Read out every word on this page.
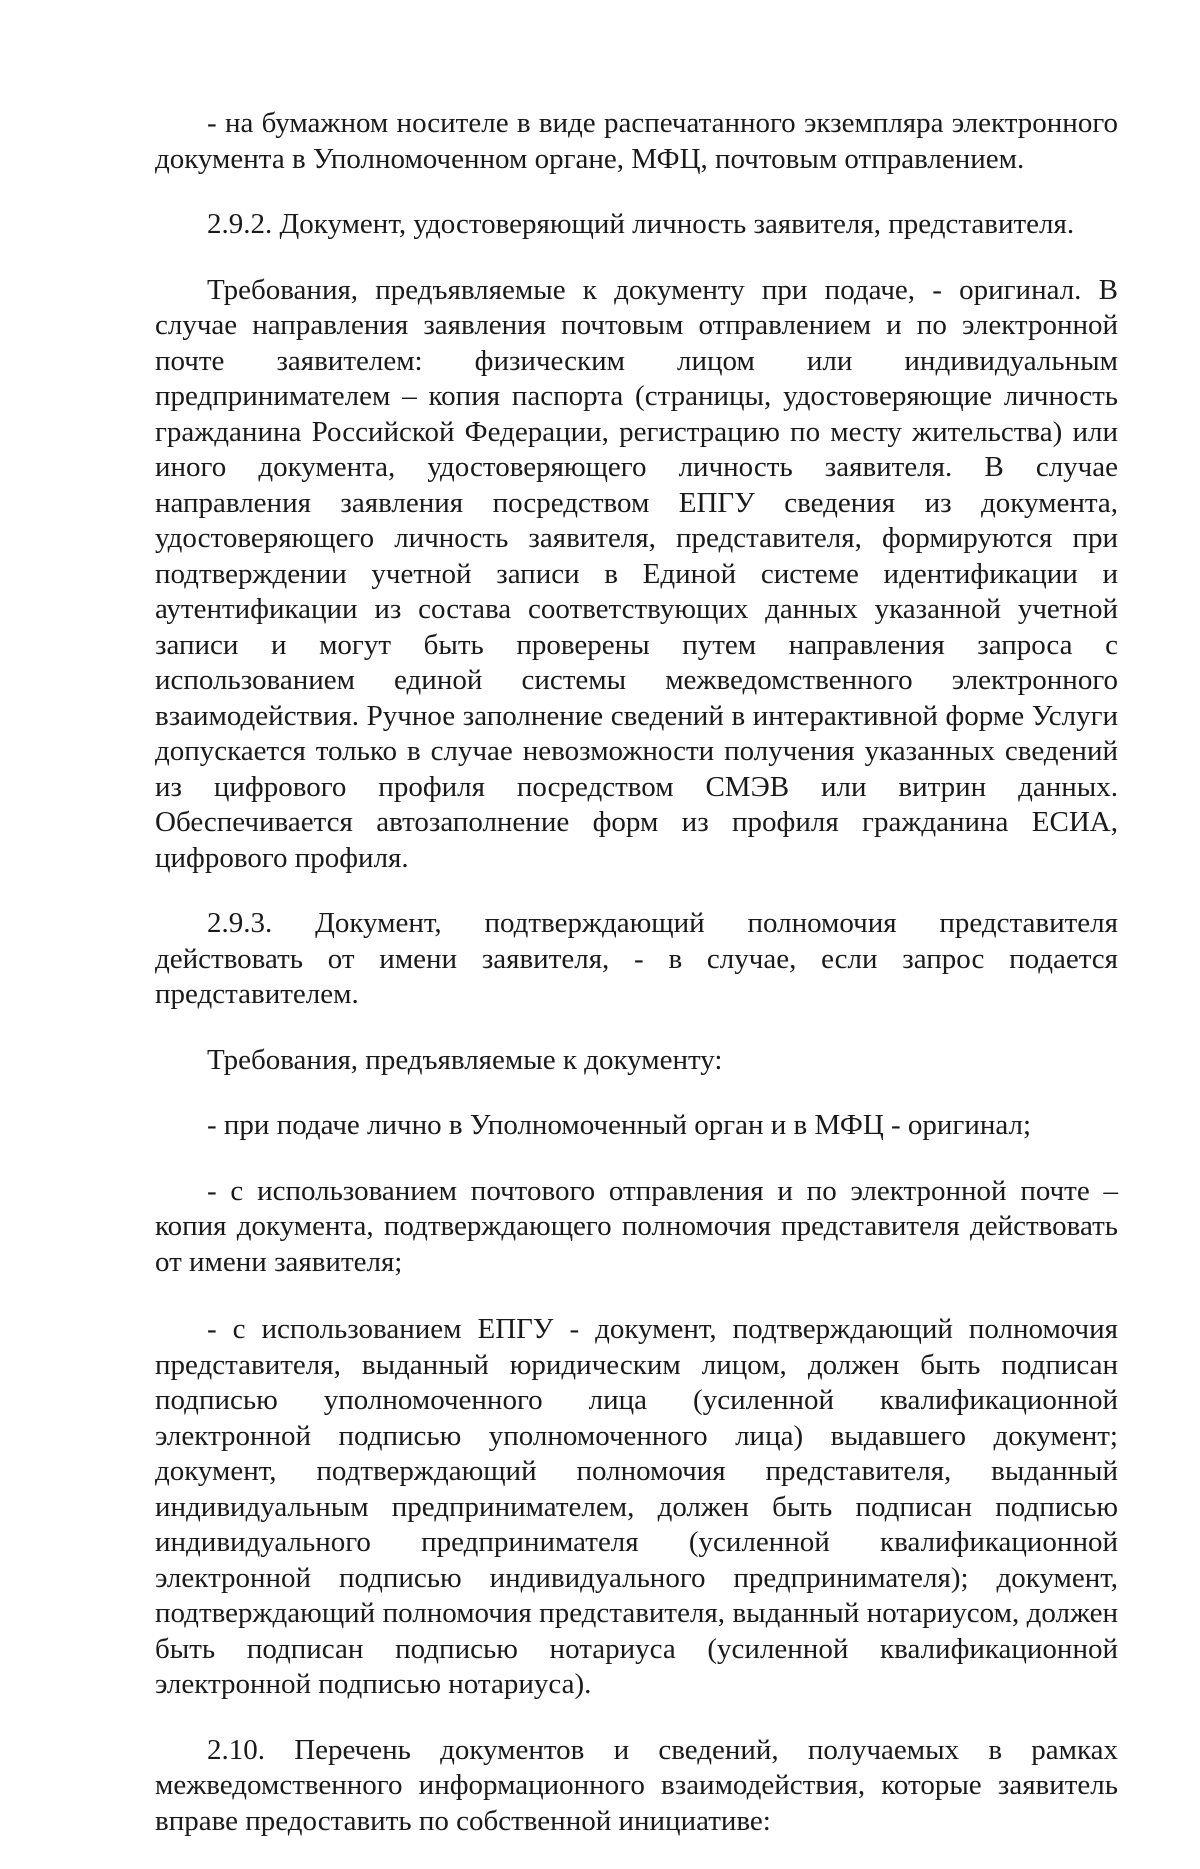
- на бумажном носителе в виде распечатанного экземпляра электронного документа в Уполномоченном органе, МФЦ, почтовым отправлением.

2.9.2. Документ, удостоверяющий личность заявителя, представителя.

Требования, предъявляемые к документу при подаче, - оригинал. В случае направления заявления почтовым отправлением и по электронной почте заявителем: физическим лицом или индивидуальным предпринимателем – копия паспорта (страницы, удостоверяющие личность гражданина Российской Федерации, регистрацию по месту жительства) или иного документа, удостоверяющего личность заявителя. В случае направления заявления посредством ЕПГУ сведения из документа, удостоверяющего личность заявителя, представителя, формируются при подтверждении учетной записи в Единой системе идентификации и аутентификации из состава соответствующих данных указанной учетной записи и могут быть проверены путем направления запроса с использованием единой системы межведомственного электронного взаимодействия. Ручное заполнение сведений в интерактивной форме Услуги допускается только в случае невозможности получения указанных сведений из цифрового профиля посредством СМЭВ или витрин данных. Обеспечивается автозаполнение форм из профиля гражданина ЕСИА, цифрового профиля.

2.9.3. Документ, подтверждающий полномочия представителя действовать от имени заявителя, - в случае, если запрос подается представителем.

Требования, предъявляемые к документу:

- при подаче лично в Уполномоченный орган и в МФЦ - оригинал;

- с использованием почтового отправления и по электронной почте – копия документа, подтверждающего полномочия представителя действовать от имени заявителя;

- с использованием ЕПГУ - документ, подтверждающий полномочия представителя, выданный юридическим лицом, должен быть подписан подписью уполномоченного лица (усиленной квалификационной электронной подписью уполномоченного лица) выдавшего документ; документ, подтверждающий полномочия представителя, выданный индивидуальным предпринимателем, должен быть подписан подписью индивидуального предпринимателя (усиленной квалификационной электронной подписью индивидуального предпринимателя); документ, подтверждающий полномочия представителя, выданный нотариусом, должен быть подписан подписью нотариуса (усиленной квалификационной электронной подписью нотариуса).

2.10. Перечень документов и сведений, получаемых в рамках межведомственного информационного взаимодействия, которые заявитель вправе предоставить по собственной инициативе:
